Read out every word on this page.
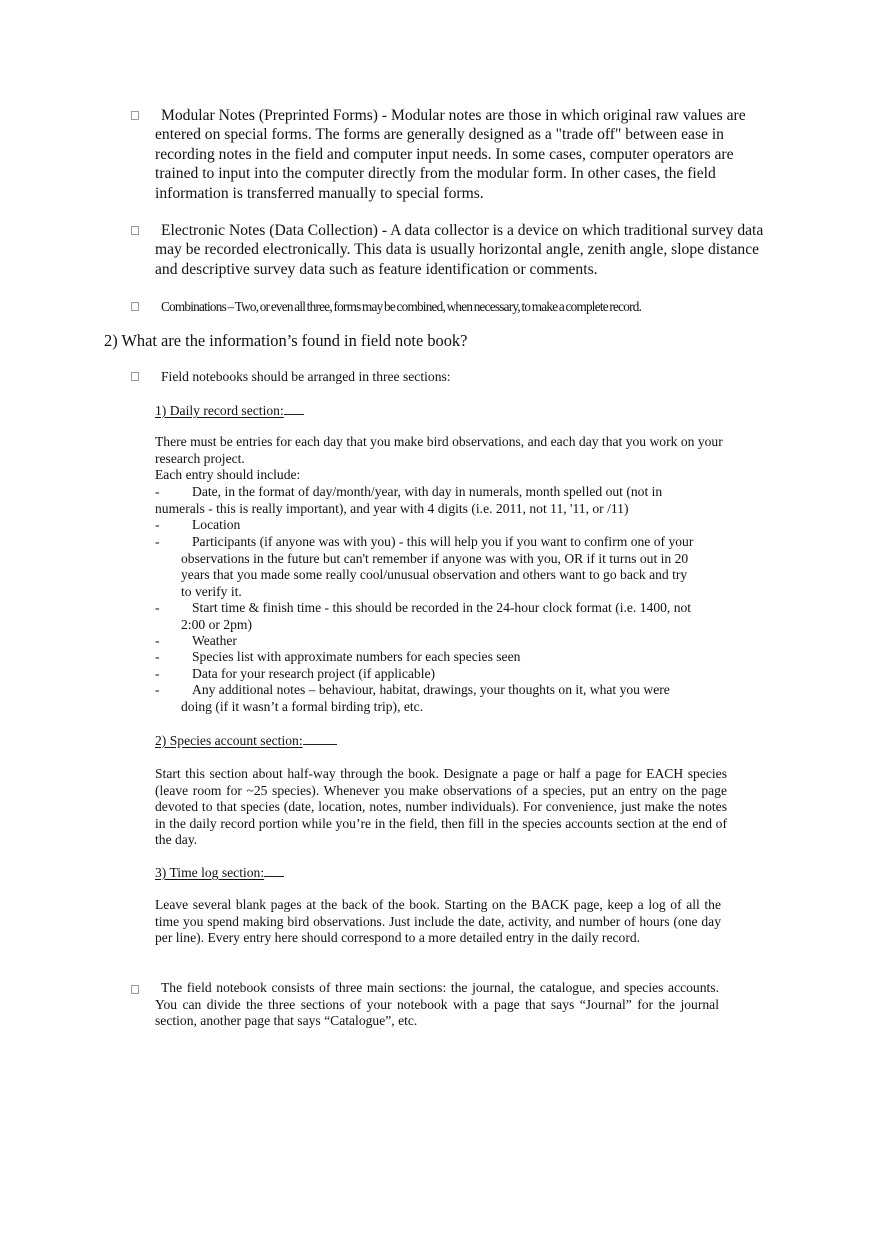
Modular Notes (Preprinted Forms) - Modular notes are those in which original raw values are entered on special forms. The forms are generally designed as a "trade off" between ease in recording notes in the field and computer input needs. In some cases, computer operators are trained to input into the computer directly from the modular form. In other cases, the field information is transferred manually to special forms.

Electronic Notes (Data Collection) - A data collector is a device on which traditional survey data may be recorded electronically. This data is usually horizontal angle, zenith angle, slope distance and descriptive survey data such as feature identification or comments.

Combinations – Two, or even all three, forms may be combined, when necessary, to make a complete record.

2) What are the information’s found in field note book?

Field notebooks should be arranged in three sections:

1) Daily record section:

There must be entries for each day that you make bird observations, and each day that you work on your research project.

Each entry should include:

- Date, in the format of day/month/year, with day in numerals, month spelled out (not in
numerals - this is really important), and year with 4 digits (i.e. 2011, not 11, '11, or /11)
- Location
- Participants (if anyone was with you) - this will help you if you want to confirm one of your
observations in the future but can't remember if anyone was with you, OR if it turns out in 20
years that you made some really cool/unusual observation and others want to go back and try
to verify it.
- Start time & finish time - this should be recorded in the 24-hour clock format (i.e. 1400, not
2:00 or 2pm)
- Weather
- Species list with approximate numbers for each species seen
- Data for your research project (if applicable)
- Any additional notes – behaviour, habitat, drawings, your thoughts on it, what you were
doing (if it wasn’t a formal birding trip), etc.

2) Species account section:

Start this section about half-way through the book. Designate a page or half a page for EACH species (leave room for ~25 species). Whenever you make observations of a species, put an entry on the page devoted to that species (date, location, notes, number individuals). For convenience, just make the notes in the daily record portion while you’re in the field, then fill in the species accounts section at the end of the day.

3) Time log section:

Leave several blank pages at the back of the book. Starting on the BACK page, keep a log of all the time you spend making bird observations. Just include the date, activity, and number of hours (one day per line). Every entry here should correspond to a more detailed entry in the daily record.

The field notebook consists of three main sections: the journal, the catalogue, and species accounts. You can divide the three sections of your notebook with a page that says “Journal” for the journal section, another page that says “Catalogue”, etc.
